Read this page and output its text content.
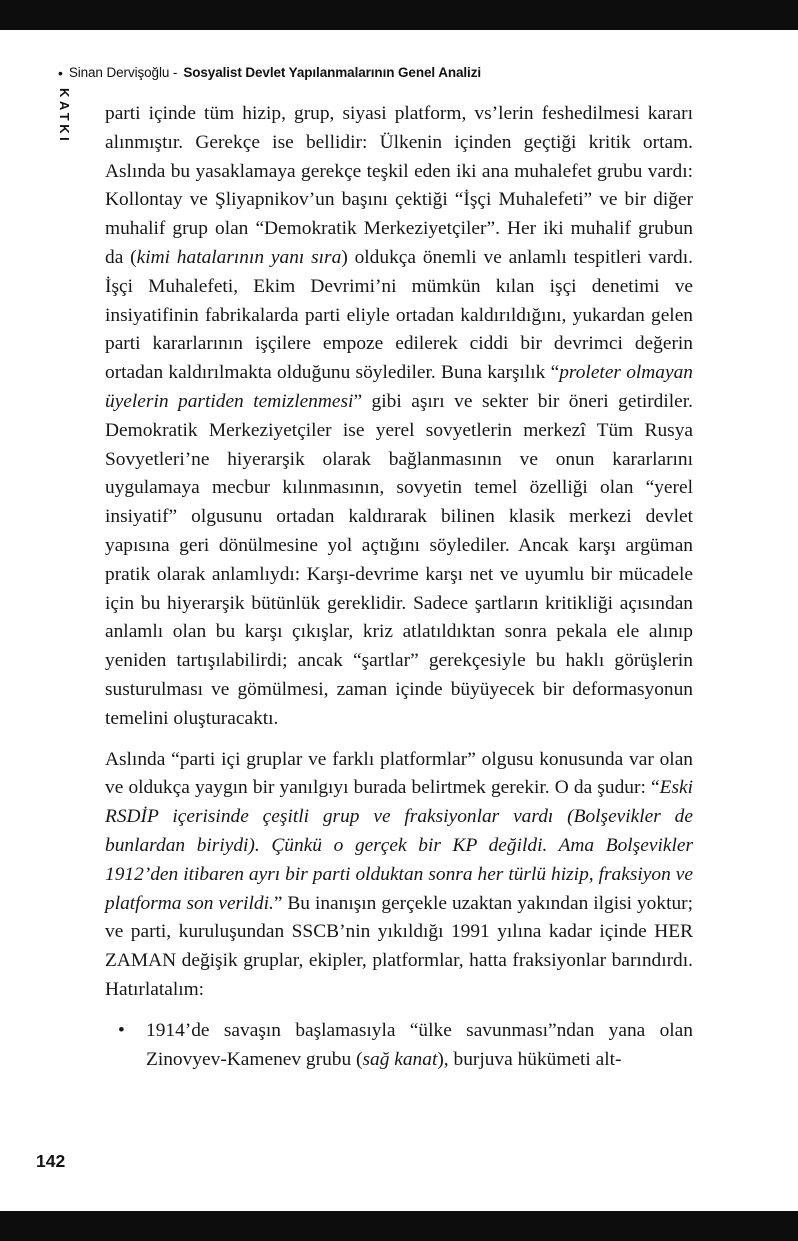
• Sinan Dervişoğlu - Sosyalist Devlet Yapılanmalarının Genel Analizi
KATKI parti içinde tüm hizip, grup, siyasi platform, vs’lerin feshedilmesi kararı alınmıştır. Gerekçe ise bellidir: Ülkenin içinden geçtiği kritik ortam. Aslında bu yasaklamaya gerekçe teşkil eden iki ana muhalefet grubu vardı: Kollontay ve Şliyapnikov’un başını çektiği “İşçi Muhalefeti” ve bir diğer muhalif grup olan “Demokratik Merkeziyetçiler”. Her iki muhalif grubun da (kimi hatalarının yanı sıra) oldukça önemli ve anlamlı tespitleri vardı. İşçi Muhalefeti, Ekim Devrimi’ni mümkün kılan işçi denetimi ve insiyatifinin fabrikalarda parti eliyle ortadan kaldırıldığını, yukardan gelen parti kararlarının işçilere empoze edilerek ciddi bir devrimci değerin ortadan kaldırılmakta olduğunu söylediler. Buna karşılık “proleter olmayan üyelerin partiden temizlenmesi” gibi aşırı ve sekter bir öneri getirdiler. Demokratik Merkeziyetçiler ise yerel sovyetlerin merkezî Tüm Rusya Sovyetleri’ne hiyerarşik olarak bağlanmasının ve onun kararlarını uygulamaya mecbur kılınmasının, sovyetin temel özelliği olan “yerel insiyatif” olgusunu ortadan kaldırarak bilinen klasik merkezi devlet yapısına geri dönülmesine yol açtığını söylediler. Ancak karşı argüman pratik olarak anlamlıydı: Karşı-devrime karşı net ve uyumlu bir mücadele için bu hiyerarşik bütünlük gereklidir. Sadece şartların kritikliği açısından anlamlı olan bu karşı çıkışlar, kriz atlatıldıktan sonra pekala ele alınıp yeniden tartışılabilirdi; ancak “şartlar” gerekçesiyle bu haklı görüşlerin susturulması ve gömülmesi, zaman içinde büyüyecek bir deformasyonun temelini oluşturacaktı.

Aslında “parti içi gruplar ve farklı platformlar” olgusu konusunda var olan ve oldukça yaygın bir yanılgıyı burada belirtmek gerekir. O da şudur: “Eski RSDİP içerisinde çeşitli grup ve fraksiyonlar vardı (Bolşevikler de bunlardan biriydi). Çünkü o gerçek bir KP değildi. Ama Bolşevikler 1912’den itibaren ayrı bir parti olduktan sonra her türlü hizip, fraksiyon ve platforma son verildi.” Bu inanışın gerçekle uzaktan yakından ilgisi yoktur; ve parti, kuruluşundan SSCB’nin yıkıldığı 1991 yılına kadar içinde HER ZAMAN değişik gruplar, ekipler, platformlar, hatta fraksiyonlar barındırdı. Hatırlatalım:

• 1914’de savaşın başlamasıyla “ülke savunması”ndan yana olan Zinovyev-Kamenev grubu (sağ kanat), burjuva hükümeti alt-
142
